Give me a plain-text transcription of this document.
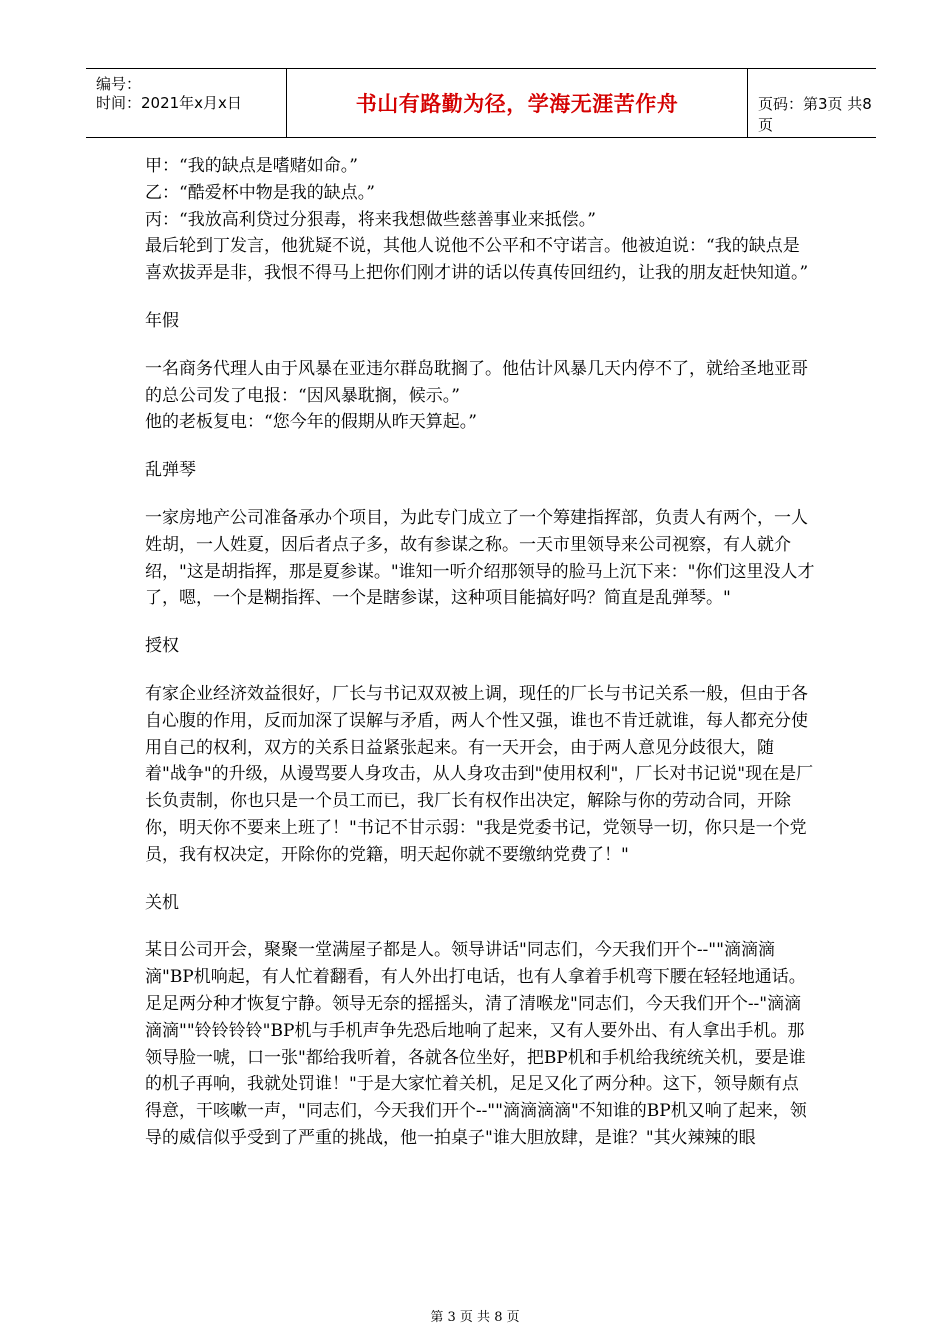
编号：
时间：2021年x月x日	书山有路勤为径，学海无涯苦作舟	页码：第3页 共8页

甲：“我的缺点是嗜赌如命。”

乙：“酷爱杯中物是我的缺点。”

丙：“我放高利贷过分狠毒，将来我想做些慈善事业来抵偿。”

最后轮到丁发言，他犹疑不说，其他人说他不公平和不守诺言。他被迫说：“我的缺点是喜欢拔弄是非，我恨不得马上把你们刚才讲的话以传真传回纽约，让我的朋友赶快知道。”

年假

一名商务代理人由于风暴在亚违尔群岛耽搁了。他估计风暴几天内停不了，就给圣地亚哥的总公司发了电报：“因风暴耽搁，候示。”

他的老板复电：“您今年的假期从昨天算起。”

乱弹琴

一家房地产公司准备承办个项目，为此专门成立了一个筹建指挥部，负责人有两个，一人姓胡，一人姓夏，因后者点子多，故有参谋之称。一天市里领导来公司视察，有人就介绍，"这是胡指挥，那是夏参谋。"谁知一听介绍那领导的脸马上沉下来："你们这里没人才了，嗯，一个是糊指挥、一个是瞎参谋，这种项目能搞好吗？简直是乱弹琴。"

授权

有家企业经济效益很好，厂长与书记双双被上调，现任的厂长与书记关系一般，但由于各自心腹的作用，反而加深了误解与矛盾，两人个性又强，谁也不肯迁就谁，每人都充分使用自己的权利，双方的关系日益紧张起来。有一天开会，由于两人意见分歧很大，随着"战争"的升级，从谩骂要人身攻击，从人身攻击到"使用权利"，厂长对书记说"现在是厂长负责制，你也只是一个员工而已，我厂长有权作出决定，解除与你的劳动合同，开除你，明天你不要来上班了！"书记不甘示弱："我是党委书记，党领导一切，你只是一个党员，我有权决定，开除你的党籍，明天起你就不要缴纳党费了！"

关机

某日公司开会，聚聚一堂满屋子都是人。领导讲话"同志们，今天我们开个--""滴滴滴滴"BP机响起，有人忙着翻看，有人外出打电话，也有人拿着手机弯下腰在轻轻地通话。足足两分种才恢复宁静。领导无奈的摇摇头，清了清喉龙"同志们，今天我们开个--"滴滴滴滴""铃铃铃铃"BP机与手机声争先恐后地响了起来，又有人要外出、有人拿出手机。那领导脸一唬，口一张"都给我听着，各就各位坐好，把BP机和手机给我统统关机，要是谁的机子再响，我就处罚谁！"于是大家忙着关机，足足又化了两分种。这下，领导颇有点得意，干咳嗽一声，"同志们，今天我们开个--""滴滴滴滴"不知谁的BP机又响了起来，领导的威信似乎受到了严重的挑战，他一拍桌子"谁大胆放肆，是谁？"其火辣辣的眼

第 3 页 共 8 页
